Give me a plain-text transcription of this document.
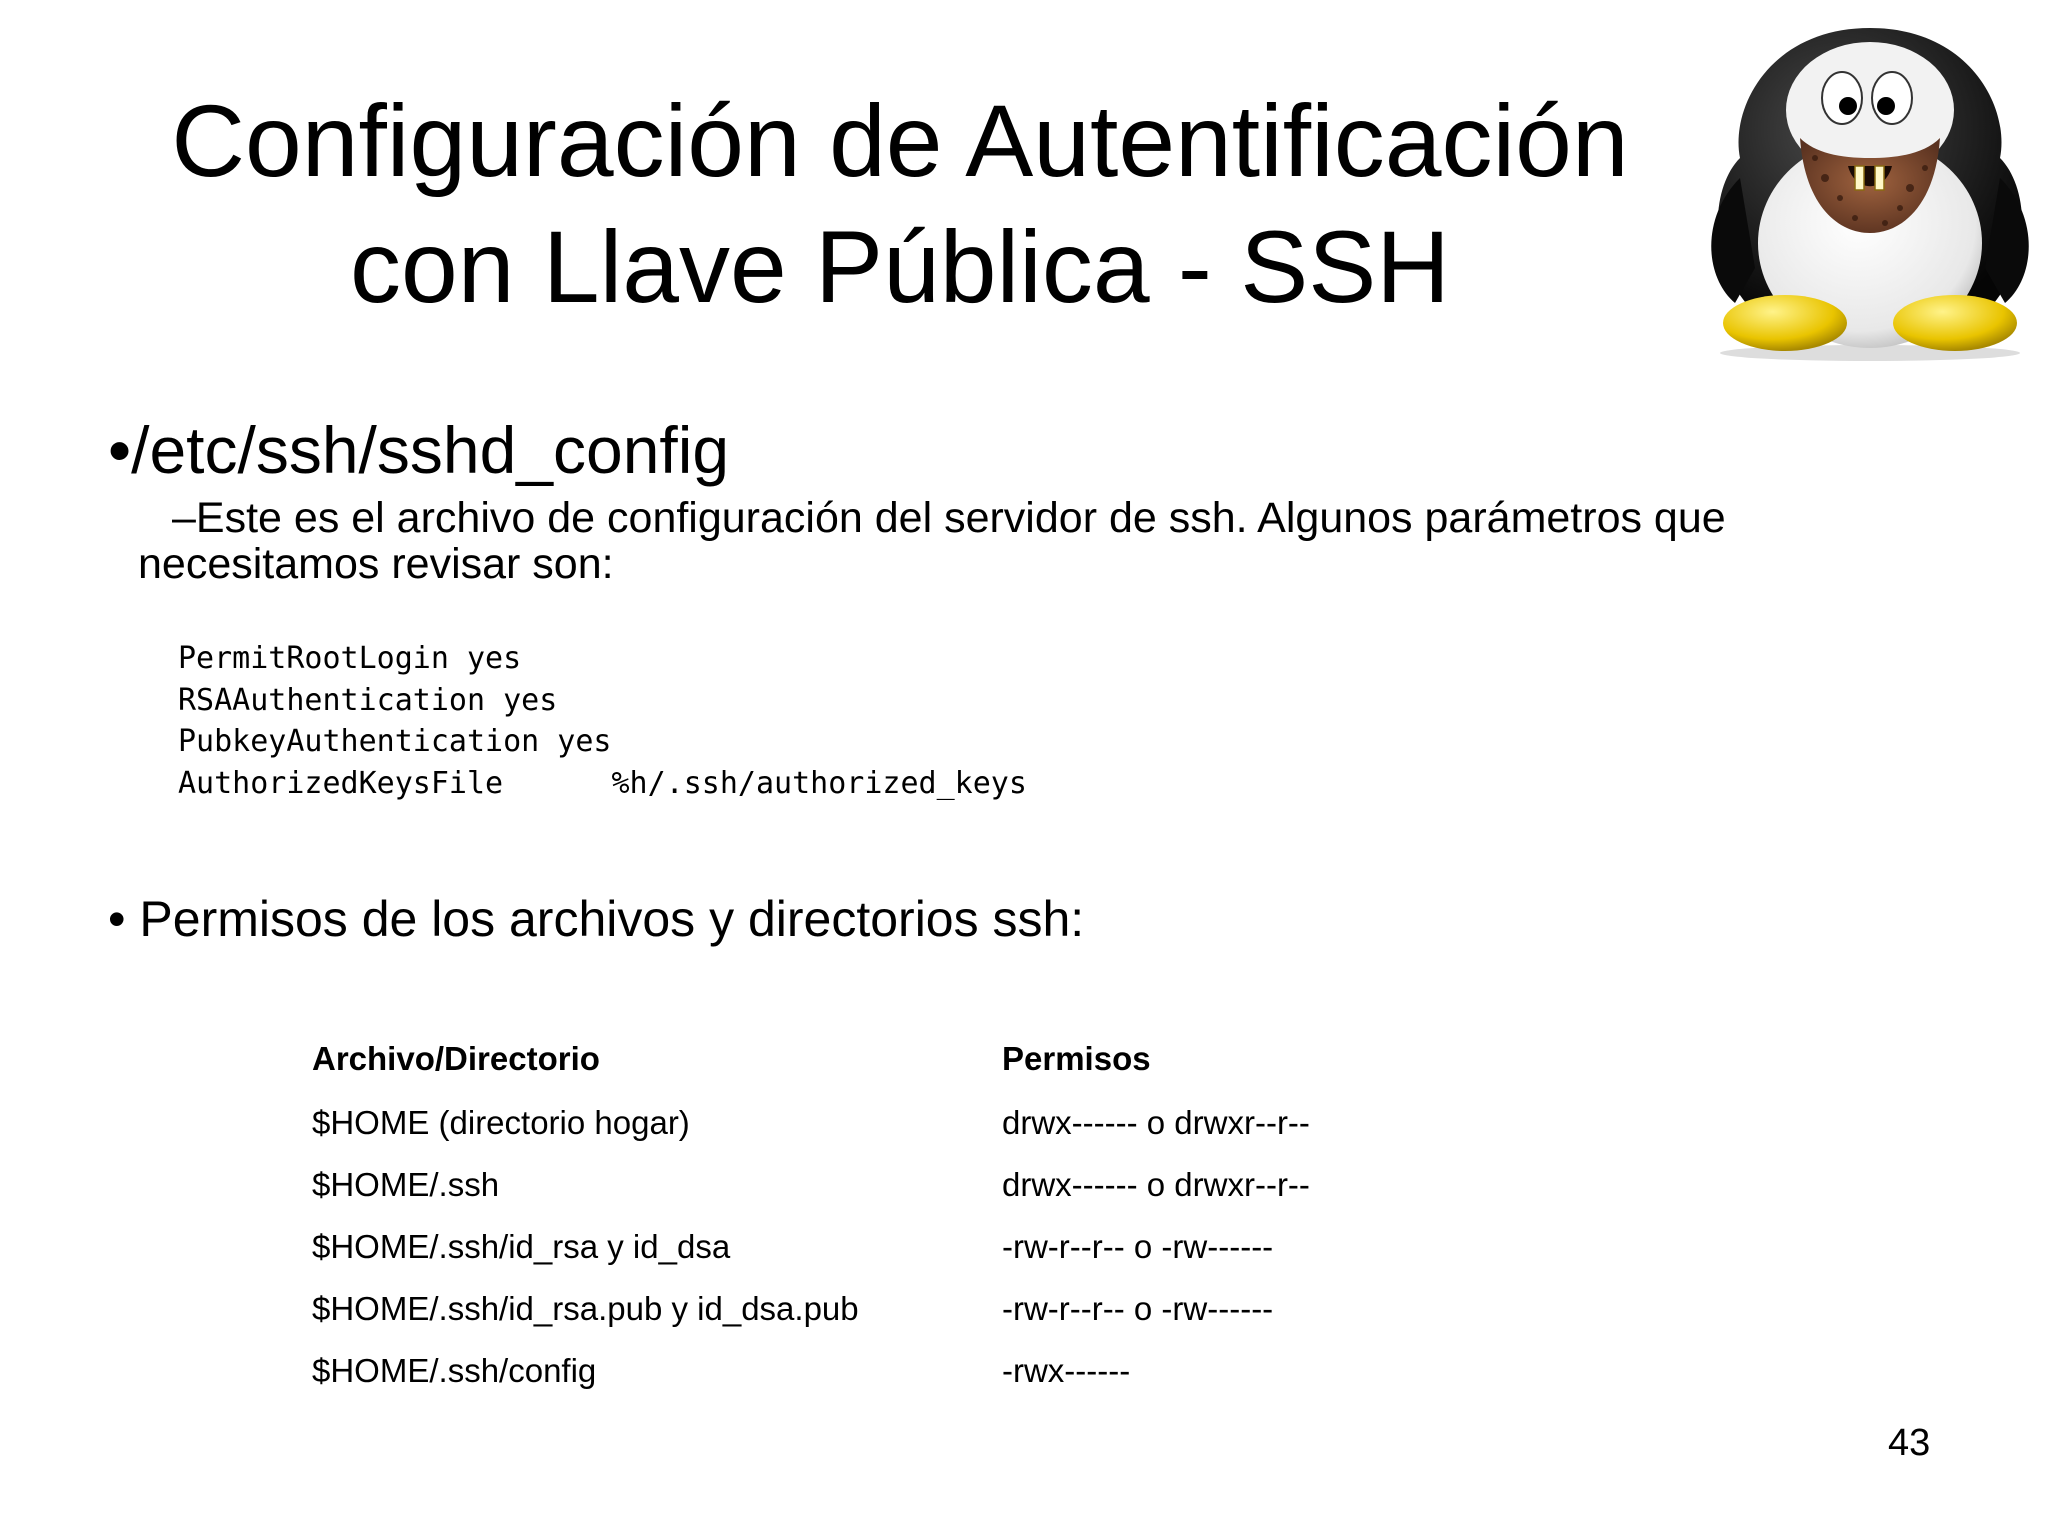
Configuración de Autentificación
con Llave Pública - SSH
•/etc/ssh/sshd_config
–Este es el archivo de configuración del servidor de ssh. Algunos parámetros que
necesitamos revisar son:
PermitRootLogin yes
RSAAuthentication yes
PubkeyAuthentication yes
AuthorizedKeysFile      %h/.ssh/authorized_keys
• Permisos de los archivos y directorios ssh:
Archivo/Directorio	Permisos
$HOME (directorio hogar)	drwx------ o drwxr--r--
$HOME/.ssh	drwx------ o drwxr--r--
$HOME/.ssh/id_rsa y id_dsa	-rw-r--r-- o -rw------
$HOME/.ssh/id_rsa.pub y id_dsa.pub	-rw-r--r-- o -rw------
$HOME/.ssh/config	-rwx------
43
